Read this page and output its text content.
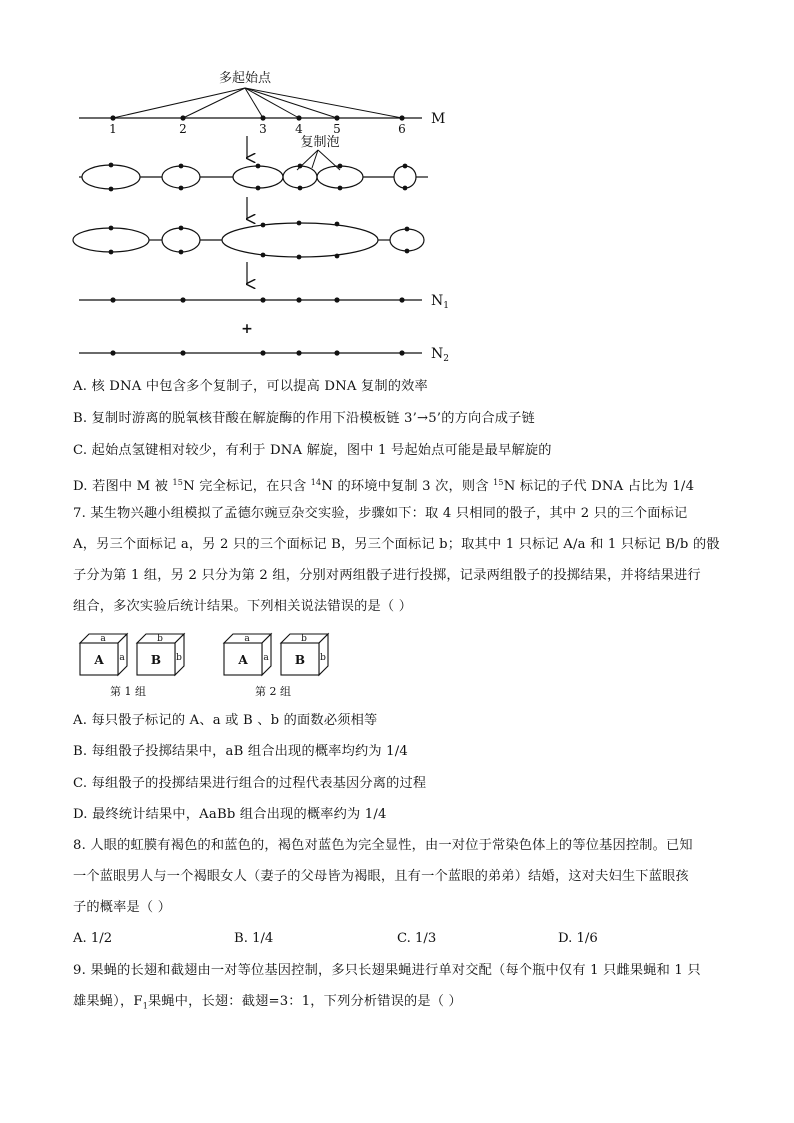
多起始点
M
1	2	3 4	5	6
复制泡
$N_1$
+
$N_2$
A. 核 DNA 中包含多个复制子，可以提高 DNA 复制的效率
B. 复制时游离的脱氧核苷酸在解旋酶的作用下沿模板链 3’→5’的方向合成子链
C. 起始点氢键相对较少，有利于 DNA 解旋，图中 1 号起始点可能是最早解旋的
D. 若图中 M 被 $^{15}$N 完全标记，在只含 $^{14}$N 的环境中复制 3 次，则含 $^{15}$N 标记的子代 DNA 占比为 1/4
7. 某生物兴趣小组模拟了孟德尔豌豆杂交实验，步骤如下：取 4 只相同的骰子，其中 2 只的三个面标记
A，另三个面标记 a，另 2 只的三个面标记 B，另三个面标记 b；取其中 1 只标记 A/a 和 1 只标记 B/b 的骰
子分为第 1 组，另 2 只分为第 2 组，分别对两组骰子进行投掷，记录两组骰子的投掷结果，并将结果进行
组合，多次实验后统计结果。下列相关说法错误的是（ ）
A
a
a B
b
b	A
a
a B
b
b
第 1 组	第 2 组
A. 每只骰子标记的 A、a 或 B 、b 的面数必须相等
B. 每组骰子投掷结果中，aB 组合出现的概率均约为 1/4
C. 每组骰子的投掷结果进行组合的过程代表基因分离的过程
D. 最终统计结果中，AaBb 组合出现的概率约为 1/4
8. 人眼的虹膜有褐色的和蓝色的，褐色对蓝色为完全显性，由一对位于常染色体上的等位基因控制。已知
一个蓝眼男人与一个褐眼女人（妻子的父母皆为褐眼，且有一个蓝眼的弟弟）结婚，这对夫妇生下蓝眼孩
子的概率是（ ）
A. 1/2	B. 1/4	C. 1/3	D. 1/6
9. 果蝇的长翅和截翅由一对等位基因控制，多只长翅果蝇进行单对交配（每个瓶中仅有 1 只雌果蝇和 1 只
雄果蝇），$F_1$果蝇中，长翅：截翅=3：1，下列分析错误的是（ ）
